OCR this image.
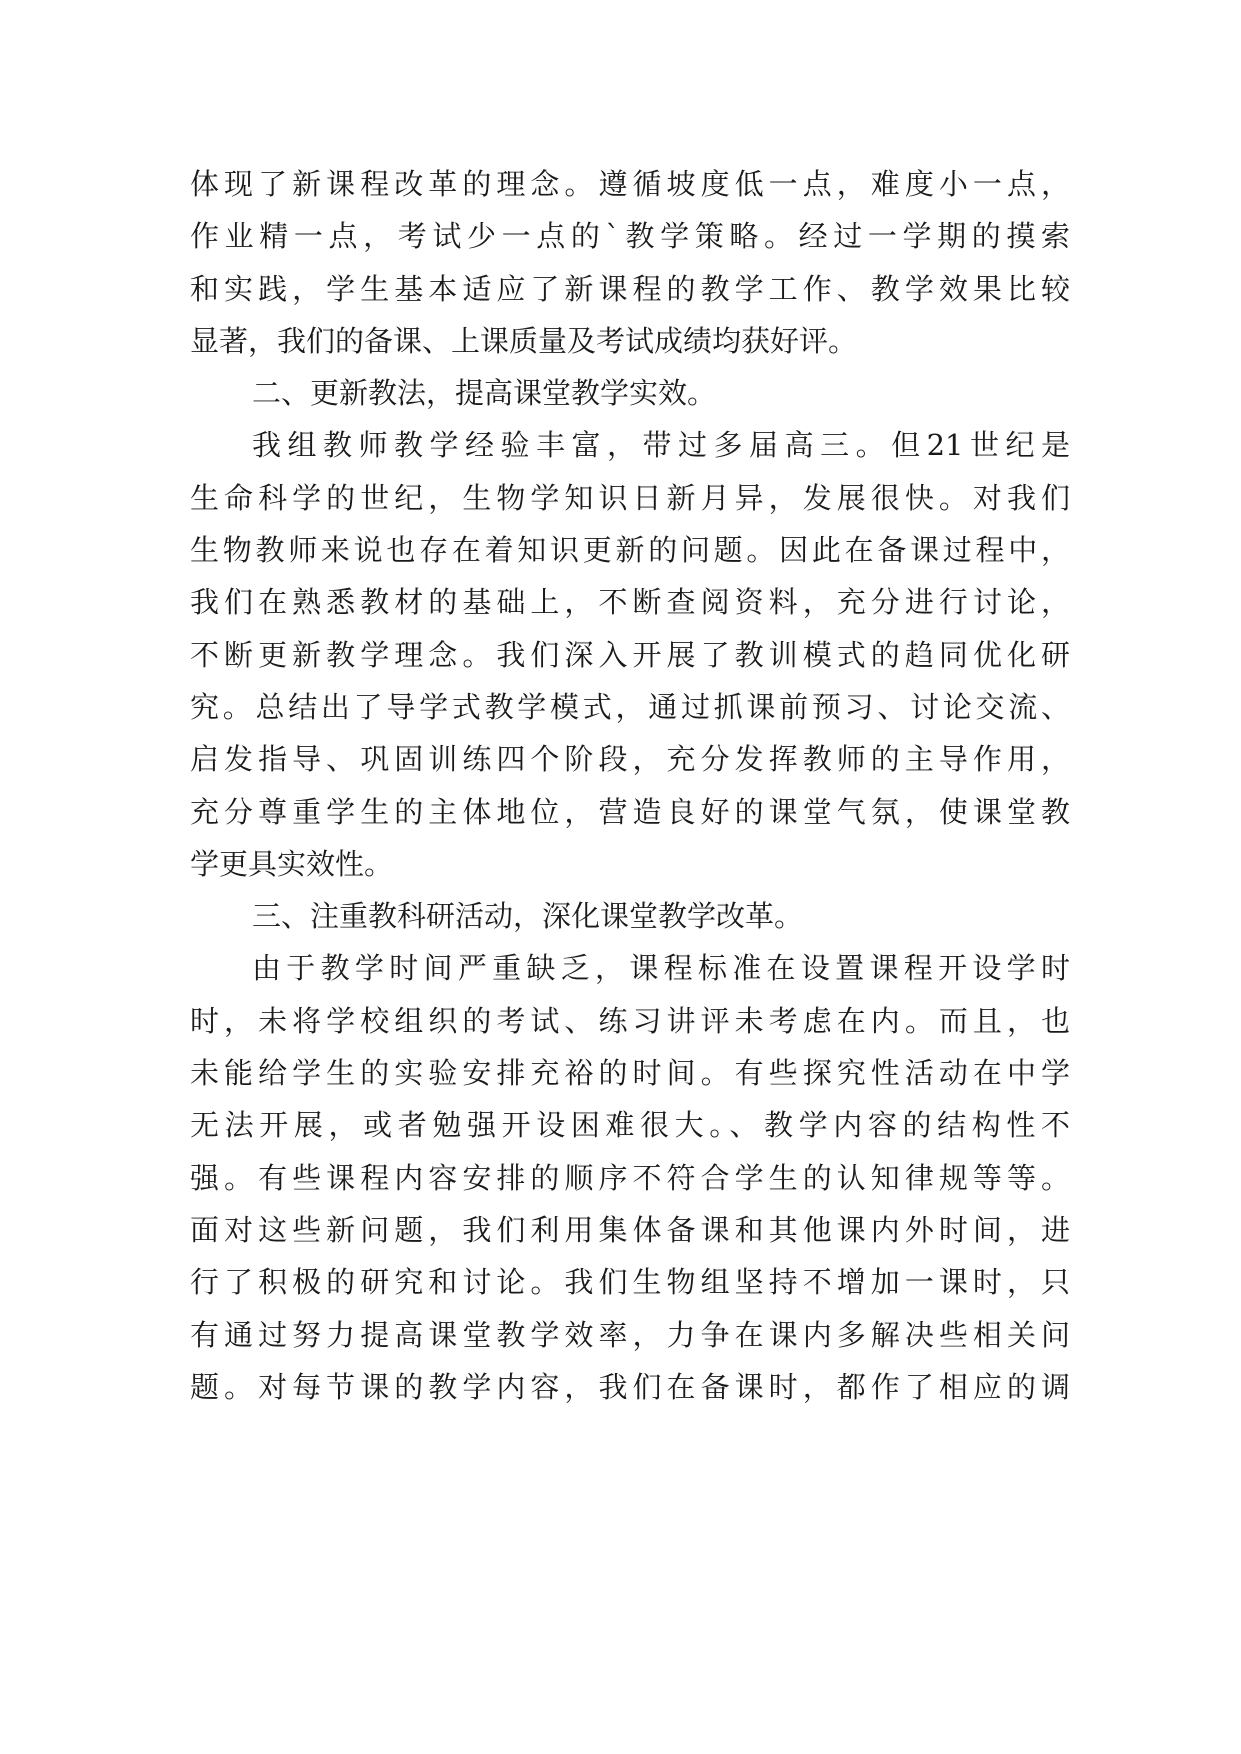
体现了新课程改革的理念。遵循坡度低一点，难度小一点，
作业精一点，考试少一点的`教学策略。经过一学期的摸索
和实践，学生基本适应了新课程的教学工作、教学效果比较
显著，我们的备课、上课质量及考试成绩均获好评。
二、更新教法，提高课堂教学实效。
我组教师教学经验丰富，带过多届高三。但21世纪是
生命科学的世纪，生物学知识日新月异，发展很快。对我们
生物教师来说也存在着知识更新的问题。因此在备课过程中，
我们在熟悉教材的基础上，不断查阅资料，充分进行讨论，
不断更新教学理念。我们深入开展了教训模式的趋同优化研
究。总结出了导学式教学模式，通过抓课前预习、讨论交流、
启发指导、巩固训练四个阶段，充分发挥教师的主导作用，
充分尊重学生的主体地位，营造良好的课堂气氛，使课堂教
学更具实效性。
三、注重教科研活动，深化课堂教学改革。
由于教学时间严重缺乏，课程标准在设置课程开设学时
时，未将学校组织的考试、练习讲评未考虑在内。而且，也
未能给学生的实验安排充裕的时间。有些探究性活动在中学
无法开展，或者勉强开设困难很大。、教学内容的结构性不
强。有些课程内容安排的顺序不符合学生的认知律规等等。
面对这些新问题，我们利用集体备课和其他课内外时间，进
行了积极的研究和讨论。我们生物组坚持不增加一课时，只
有通过努力提高课堂教学效率，力争在课内多解决些相关问
题。对每节课的教学内容，我们在备课时，都作了相应的调
